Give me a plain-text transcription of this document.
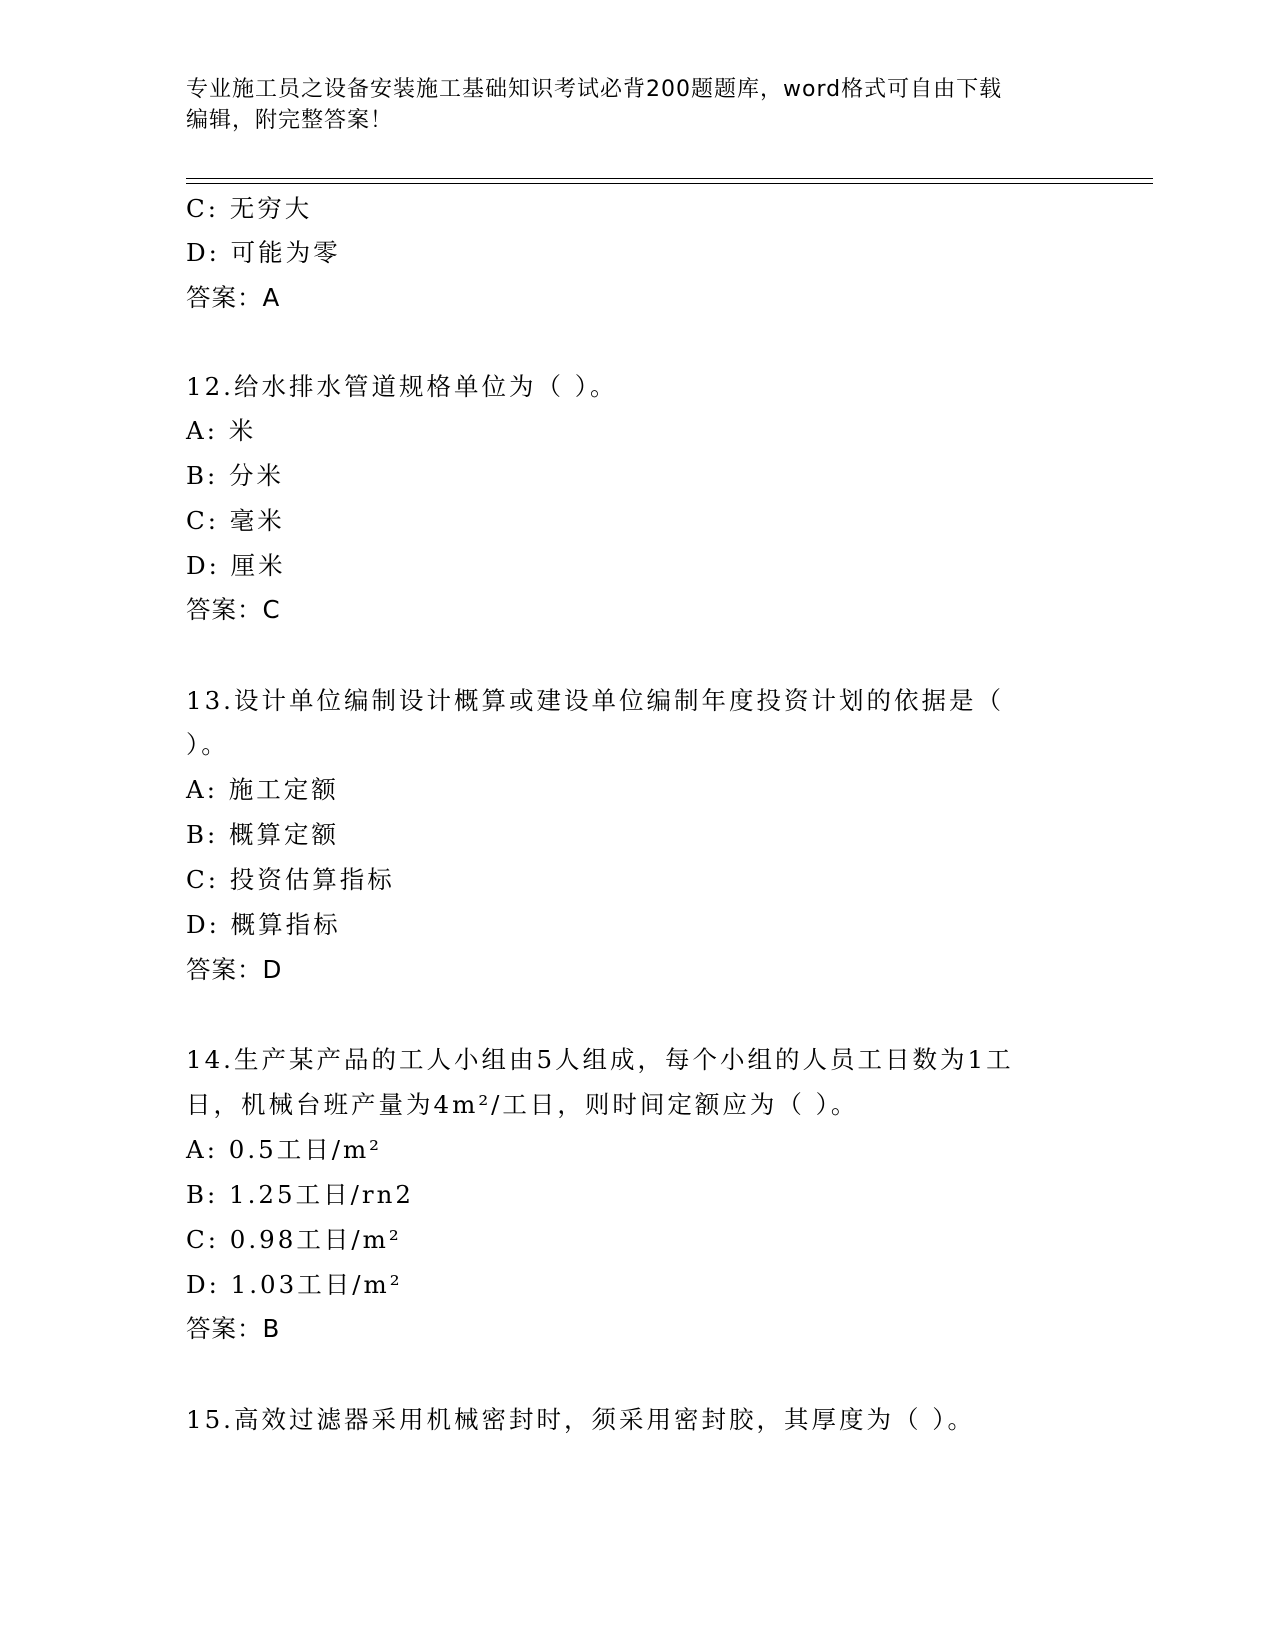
专业施工员之设备安装施工基础知识考试必背200题题库，word格式可自由下载
编辑，附完整答案！
C: 无穷大
D: 可能为零
答案：A
12.给水排水管道规格单位为（ ）。
A: 米
B: 分米
C: 毫米
D: 厘米
答案：C
13.设计单位编制设计概算或建设单位编制年度投资计划的依据是（
）。
A: 施工定额
B: 概算定额
C: 投资估算指标
D: 概算指标
答案：D
14.生产某产品的工人小组由5人组成，每个小组的人员工日数为1工
日，机械台班产量为4m²/工日，则时间定额应为（ ）。
A: 0.5工日/m²
B: 1.25工日/rn2
C: 0.98工日/m²
D: 1.03工日/m²
答案：B
15.高效过滤器采用机械密封时，须采用密封胶，其厚度为（ ）。
